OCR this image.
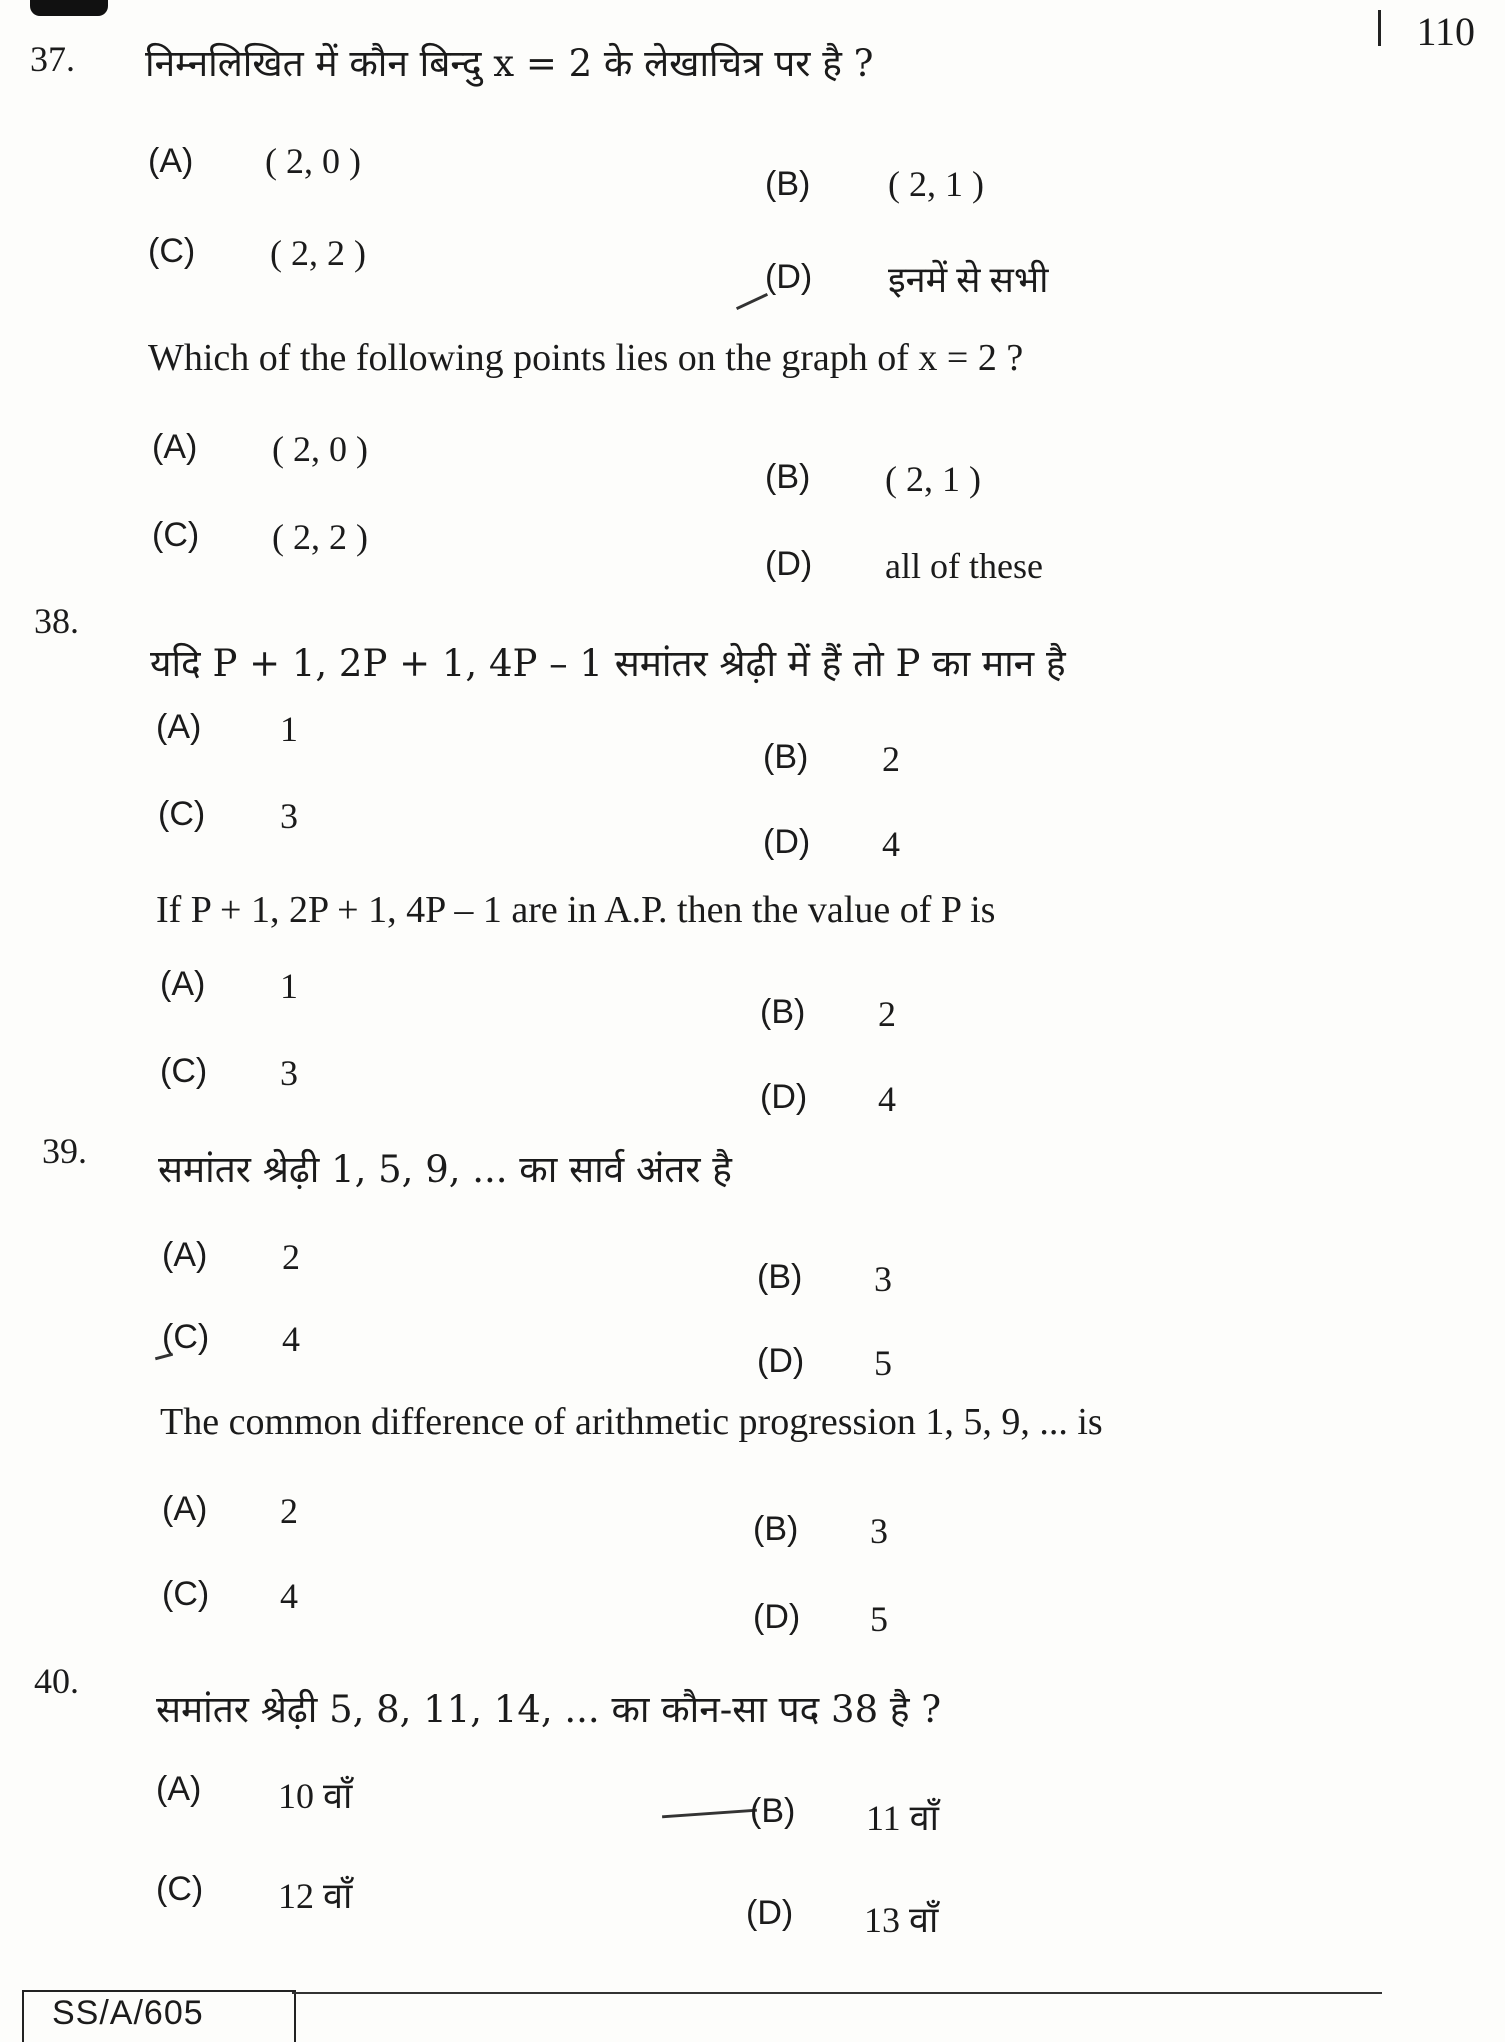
110
37. निम्नलिखित में कौन बिन्दु x = 2 के लेखाचित्र पर है ?
(A) ( 2, 0 )
(B) ( 2, 1 )
(C) ( 2, 2 )
(D) इनमें से सभी
Which of the following points lies on the graph of x = 2 ?
(A) ( 2, 0 )
(B) ( 2, 1 )
(C) ( 2, 2 )
(D) all of these
38.
यदि P + 1, 2P + 1, 4P – 1 समांतर श्रेढ़ी में हैं तो P का मान है
(A) 1
(B) 2
(C) 3
(D) 4
If P + 1, 2P + 1, 4P – 1 are in A.P. then the value of P is
(A) 1
(B) 2
(C) 3
(D) 4
39. समांतर श्रेढ़ी 1, 5, 9, ... का सार्व अंतर है
(A) 2	(B) 3
(C) 4
(D) 5
The common difference of arithmetic progression 1, 5, 9, ... is
(A) 2	(B) 3
(C) 4
(D) 5
40.
समांतर श्रेढ़ी 5, 8, 11, 14, ... का कौन-सा पद 38 है ?
(A) 10 वाँ	(B) 11 वाँ
(C) 12 वाँ	(D) 13 वाँ
SS/A/605
